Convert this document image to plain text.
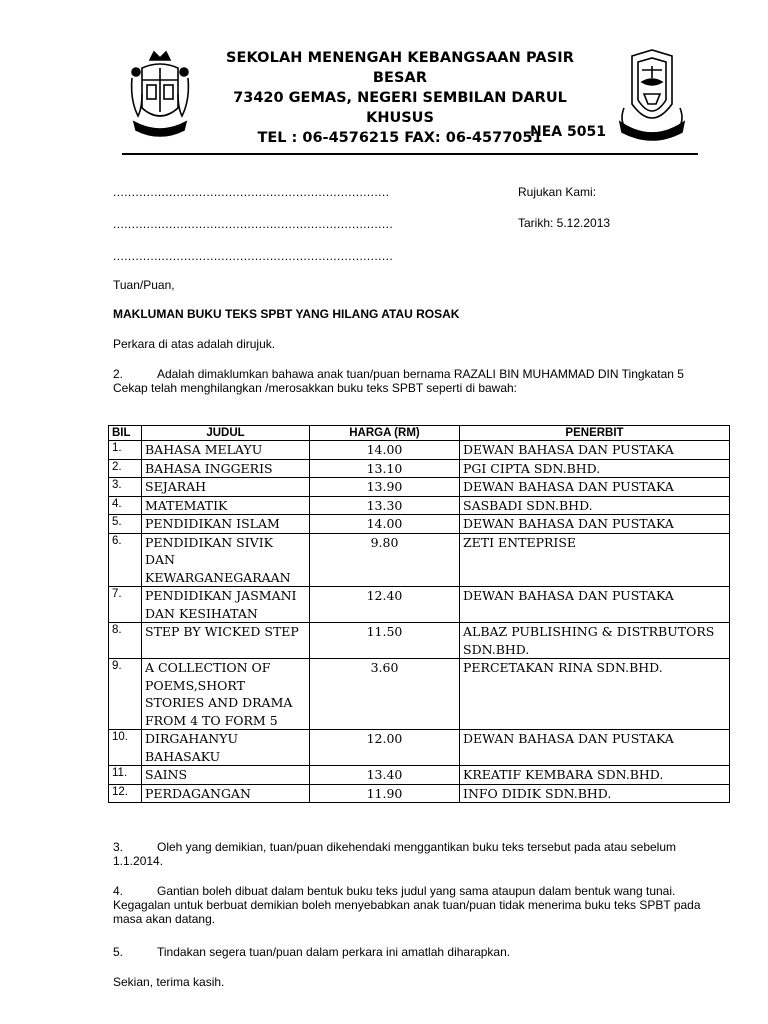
SEKOLAH MENENGAH KEBANGSAAN PASIR BESAR
73420 GEMAS, NEGERI SEMBILAN DARUL KHUSUS
TEL : 06-4576215 FAX: 06-4577051
NEA 5051
..........................................................................
...........................................................................
...........................................................................
Rujukan Kami:
Tarikh: 5.12.2013
Tuan/Puan,
MAKLUMAN BUKU TEKS SPBT YANG HILANG ATAU ROSAK
Perkara di atas adalah dirujuk.
2.	Adalah dimaklumkan bahawa anak tuan/puan bernama RAZALI BIN MUHAMMAD DIN Tingkatan 5 Cekap telah menghilangkan /merosakkan buku teks SPBT seperti di bawah:
BIL	JUDUL	HARGA (RM)	PENERBIT
1.	BAHASA MELAYU	14.00	DEWAN BAHASA DAN PUSTAKA
2.	BAHASA INGGERIS	13.10	PGI CIPTA SDN.BHD.
3.	SEJARAH	13.90	DEWAN BAHASA DAN PUSTAKA
4.	MATEMATIK	13.30	SASBADI SDN.BHD.
5.	PENDIDIKAN ISLAM	14.00	DEWAN BAHASA DAN PUSTAKA
6.	PENDIDIKAN SIVIK DAN KEWARGANEGARAAN	9.80	ZETI ENTEPRISE
7.	PENDIDIKAN JASMANI DAN KESIHATAN	12.40	DEWAN BAHASA DAN PUSTAKA
8.	STEP BY WICKED STEP	11.50	ALBAZ PUBLISHING & DISTRBUTORS SDN.BHD.
9.	A COLLECTION OF POEMS,SHORT STORIES AND DRAMA FROM 4 TO FORM 5	3.60	PERCETAKAN RINA SDN.BHD.
10.	DIRGAHANYU BAHASAKU	12.00	DEWAN BAHASA DAN PUSTAKA
11.	SAINS	13.40	KREATIF KEMBARA SDN.BHD.
12.	PERDAGANGAN	11.90	INFO DIDIK SDN.BHD.
3.	Oleh yang demikian, tuan/puan dikehendaki menggantikan buku teks tersebut pada atau sebelum 1.1.2014.
4.	Gantian boleh dibuat dalam bentuk buku teks judul yang sama ataupun dalam bentuk wang tunai. Kegagalan untuk berbuat demikian boleh menyebabkan anak tuan/puan tidak menerima buku teks SPBT pada masa akan datang.
5.	Tindakan segera tuan/puan dalam perkara ini amatlah diharapkan.
Sekian, terima kasih.
